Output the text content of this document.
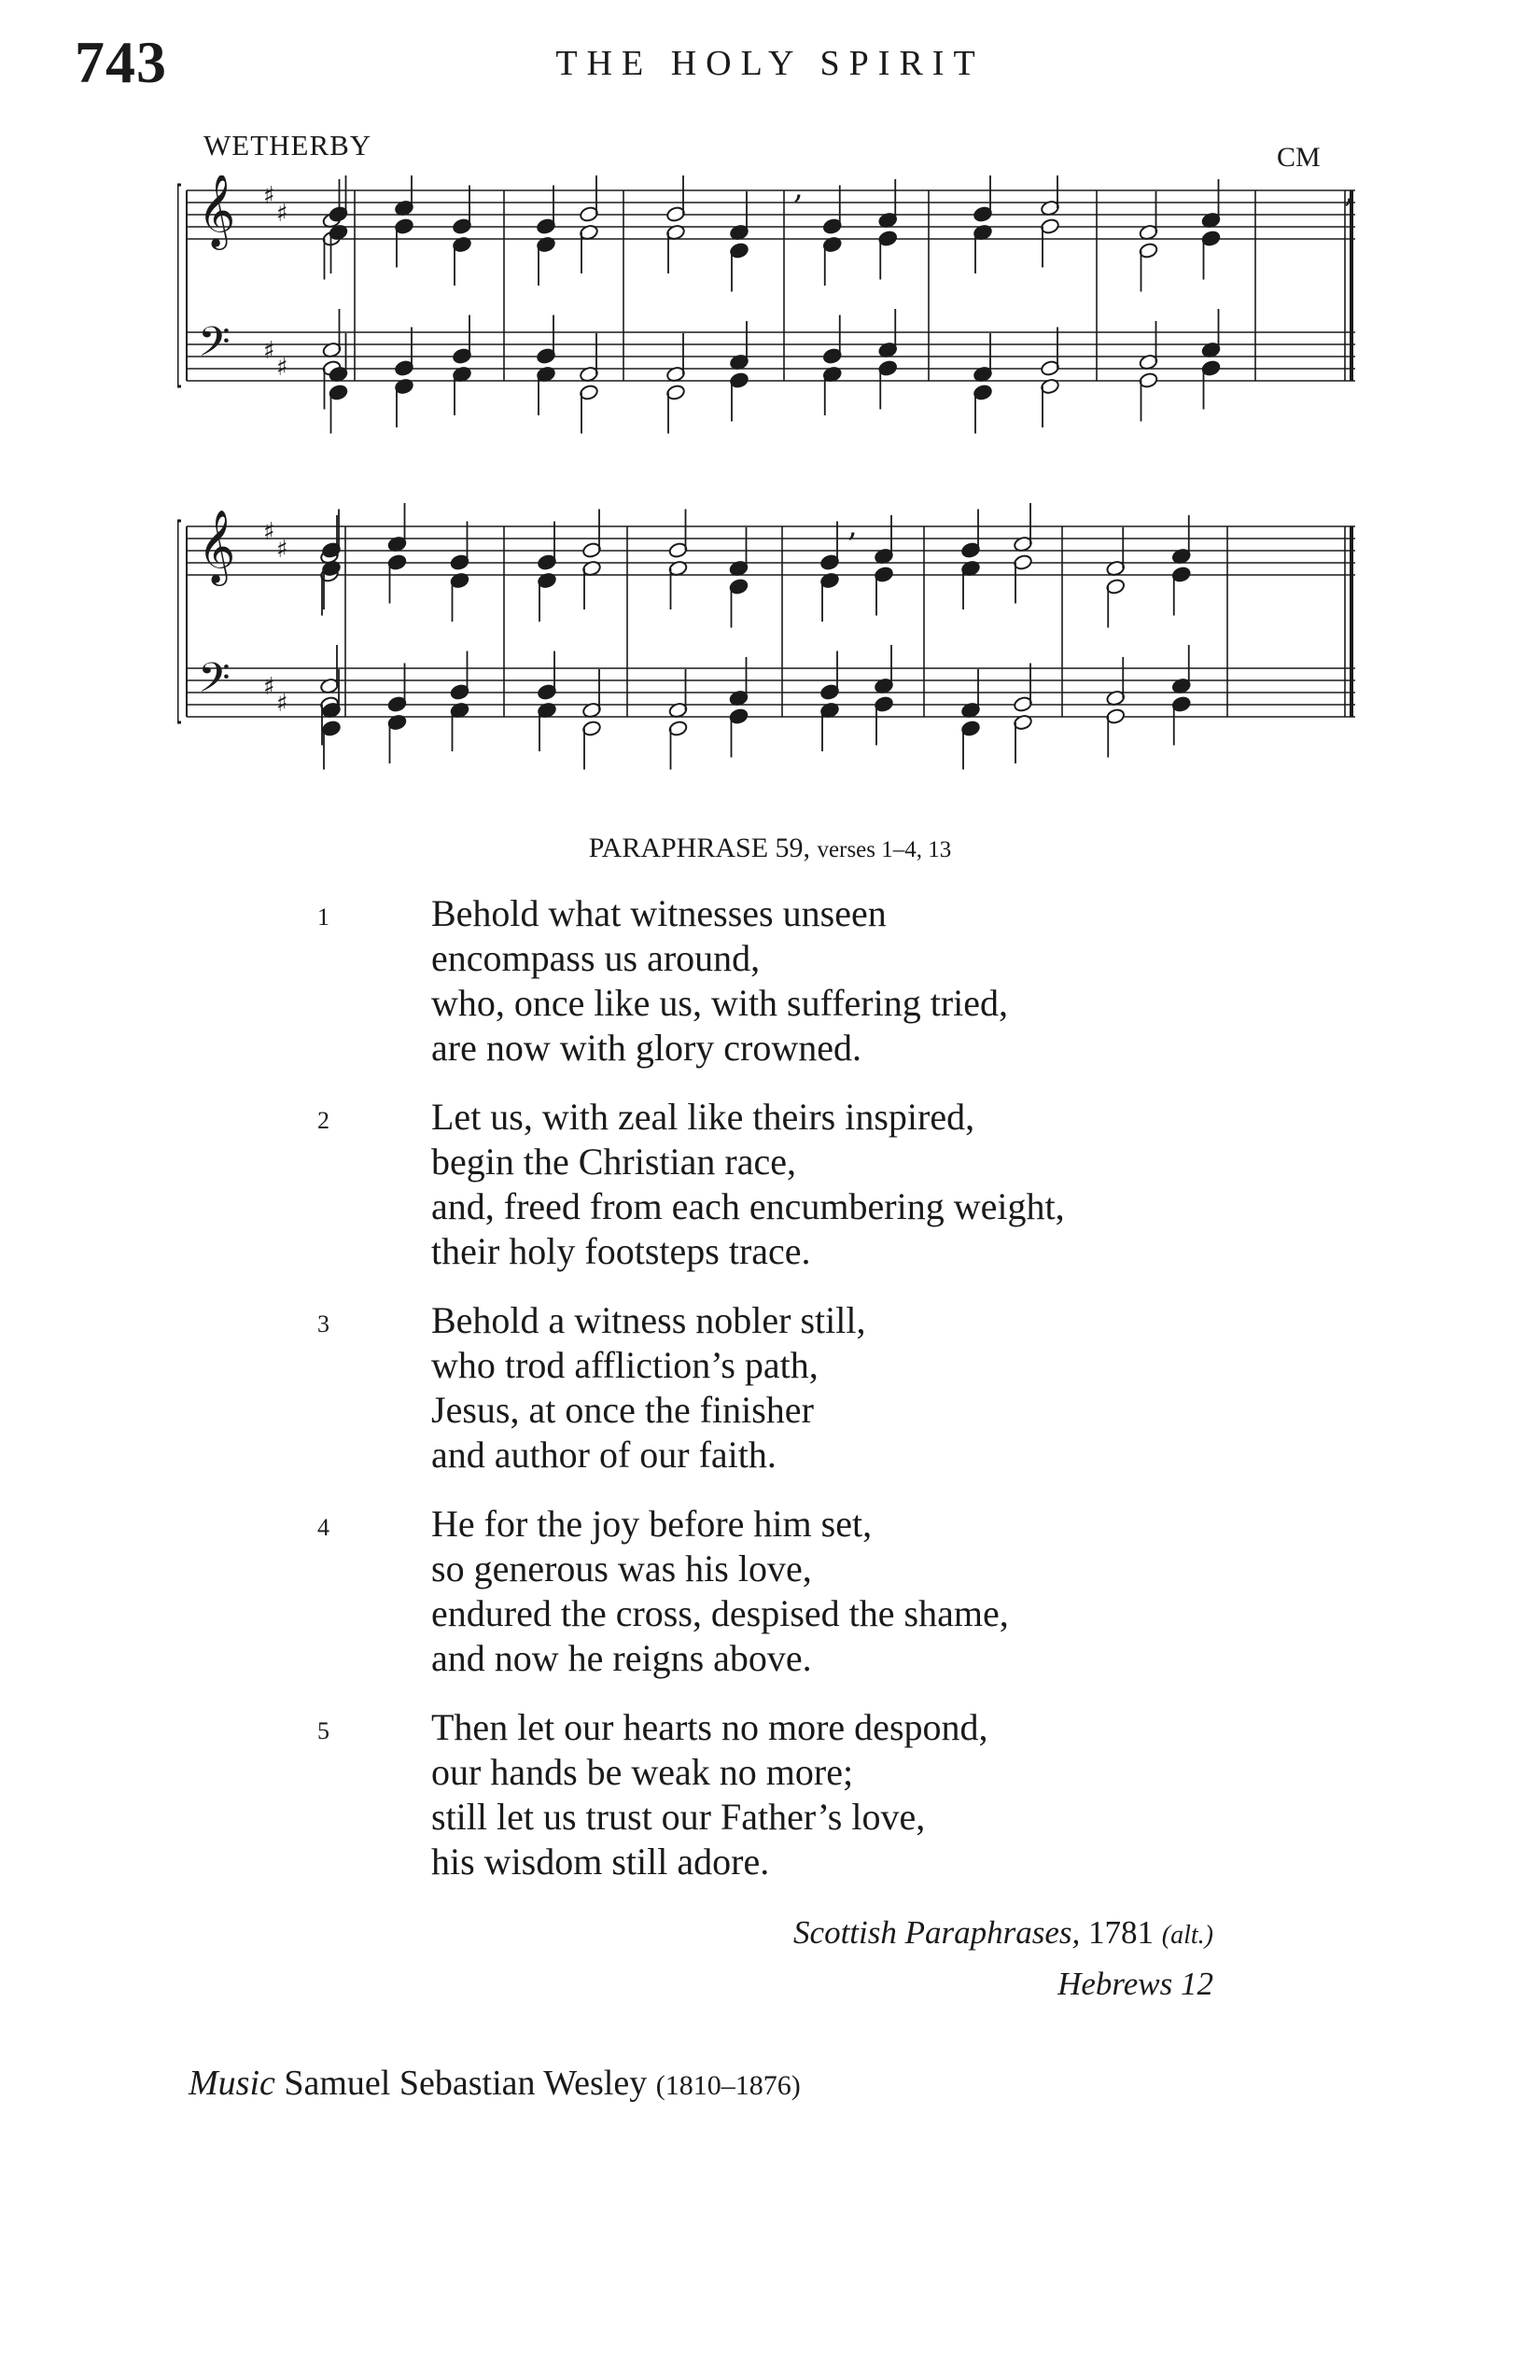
743	THE HOLY SPIRIT
WETHERBY	CM
𝄞
𝄢
♯
♯
♯
♯
𝄞
𝄢
♯
♯
♯
♯
,	,
,
PARAPHRASE 59, verses 1–4, 13
1	Behold what witnesses unseen
encompass us around,
who, once like us, with suffering tried,
are now with glory crowned.
2	Let us, with zeal like theirs inspired,
begin the Christian race,
and, freed from each encumbering weight,
their holy footsteps trace.
3	Behold a witness nobler still,
who trod affliction’s path,
Jesus, at once the finisher
and author of our faith.
4	He for the joy before him set,
so generous was his love,
endured the cross, despised the shame,
and now he reigns above.
5	Then let our hearts no more despond,
our hands be weak no more;
still let us trust our Father’s love,
his wisdom still adore.
Scottish Paraphrases, 1781 (alt.)
Hebrews 12
Music Samuel Sebastian Wesley (1810–1876)
